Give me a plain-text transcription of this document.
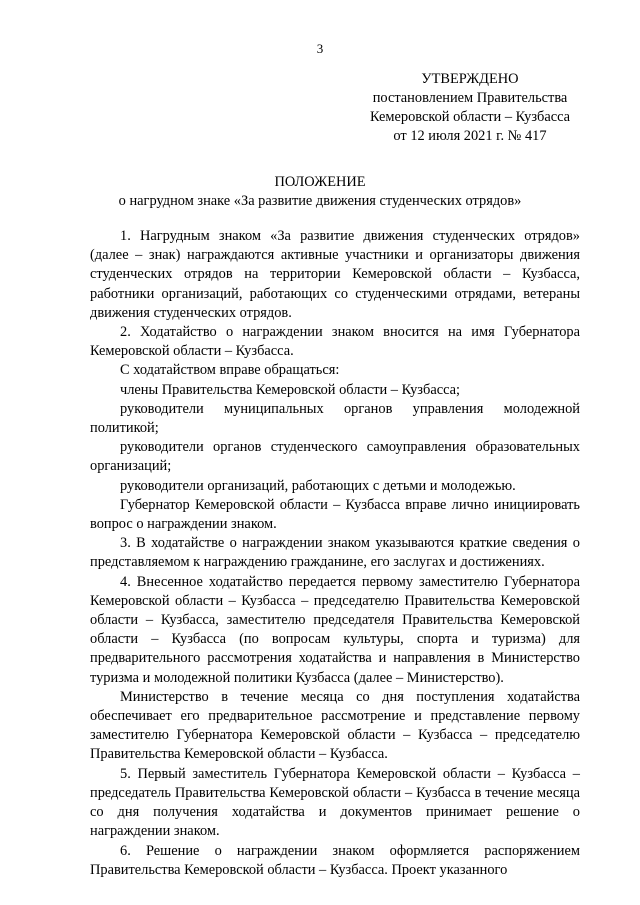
3
УТВЕРЖДЕНО
постановлением Правительства
Кемеровской области – Кузбасса
от 12 июля 2021 г. № 417
ПОЛОЖЕНИЕ
о нагрудном знаке «За развитие движения студенческих отрядов»

1. Нагрудным знаком «За развитие движения студенческих отрядов» (далее – знак) награждаются активные участники и организаторы движения студенческих отрядов на территории Кемеровской области – Кузбасса, работники организаций, работающих со студенческими отрядами, ветераны движения студенческих отрядов.

2. Ходатайство о награждении знаком вносится на имя Губернатора Кемеровской области – Кузбасса.

С ходатайством вправе обращаться:

члены Правительства Кемеровской области – Кузбасса;

руководители муниципальных органов управления молодежной политикой;

руководители органов студенческого самоуправления образовательных организаций;

руководители организаций, работающих с детьми и молодежью.

Губернатор Кемеровской области – Кузбасса вправе лично инициировать вопрос о награждении знаком.

3. В ходатайстве о награждении знаком указываются краткие сведения о представляемом к награждению гражданине, его заслугах и достижениях.

4. Внесенное ходатайство передается первому заместителю Губернатора Кемеровской области – Кузбасса – председателю Правительства Кемеровской области – Кузбасса, заместителю председателя Правительства Кемеровской области – Кузбасса (по вопросам культуры, спорта и туризма) для предварительного рассмотрения ходатайства и направления в Министерство туризма и молодежной политики Кузбасса (далее – Министерство).

Министерство в течение месяца со дня поступления ходатайства обеспечивает его предварительное рассмотрение и представление первому заместителю Губернатора Кемеровской области – Кузбасса – председателю Правительства Кемеровской области – Кузбасса.

5. Первый заместитель Губернатора Кемеровской области – Кузбасса – председатель Правительства Кемеровской области – Кузбасса в течение месяца со дня получения ходатайства и документов принимает решение о награждении знаком.

6. Решение о награждении знаком оформляется распоряжением Правительства Кемеровской области – Кузбасса. Проект указанного
